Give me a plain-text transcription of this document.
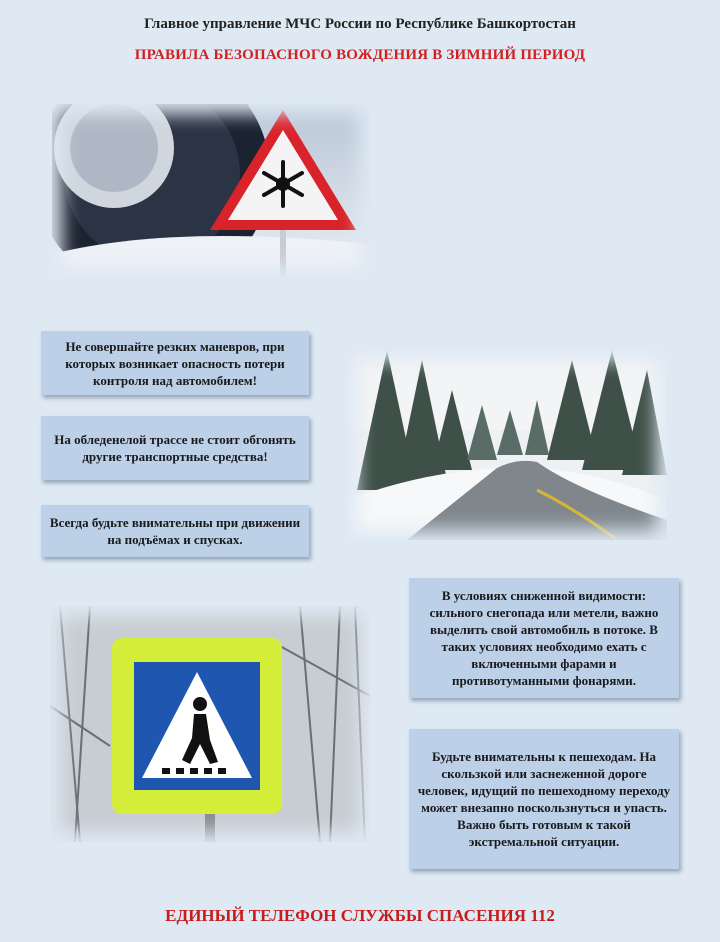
Главное управление МЧС России по Республике Башкортостан
ПРАВИЛА БЕЗОПАСНОГО ВОЖДЕНИЯ В ЗИМНИЙ ПЕРИОД
Не совершайте резких маневров, при которых возникает опасность потери контроля над автомобилем!
На обледенелой трассе не стоит обгонять другие транспортные средства!
Всегда будьте внимательны при движении на подъёмах и спусках.
В условиях сниженной видимости: сильного снегопада или метели, важно выделить свой автомобиль в потоке. В таких условиях необходимо ехать с включенными фарами и противотуманными фонарями.
Будьте внимательны к пешеходам. На скользкой или заснеженной дороге человек, идущий по пешеходному переходу может внезапно поскользнуться и упасть. Важно быть готовым к такой экстремальной ситуации.
ЕДИНЫЙ ТЕЛЕФОН СЛУЖБЫ СПАСЕНИЯ 112
